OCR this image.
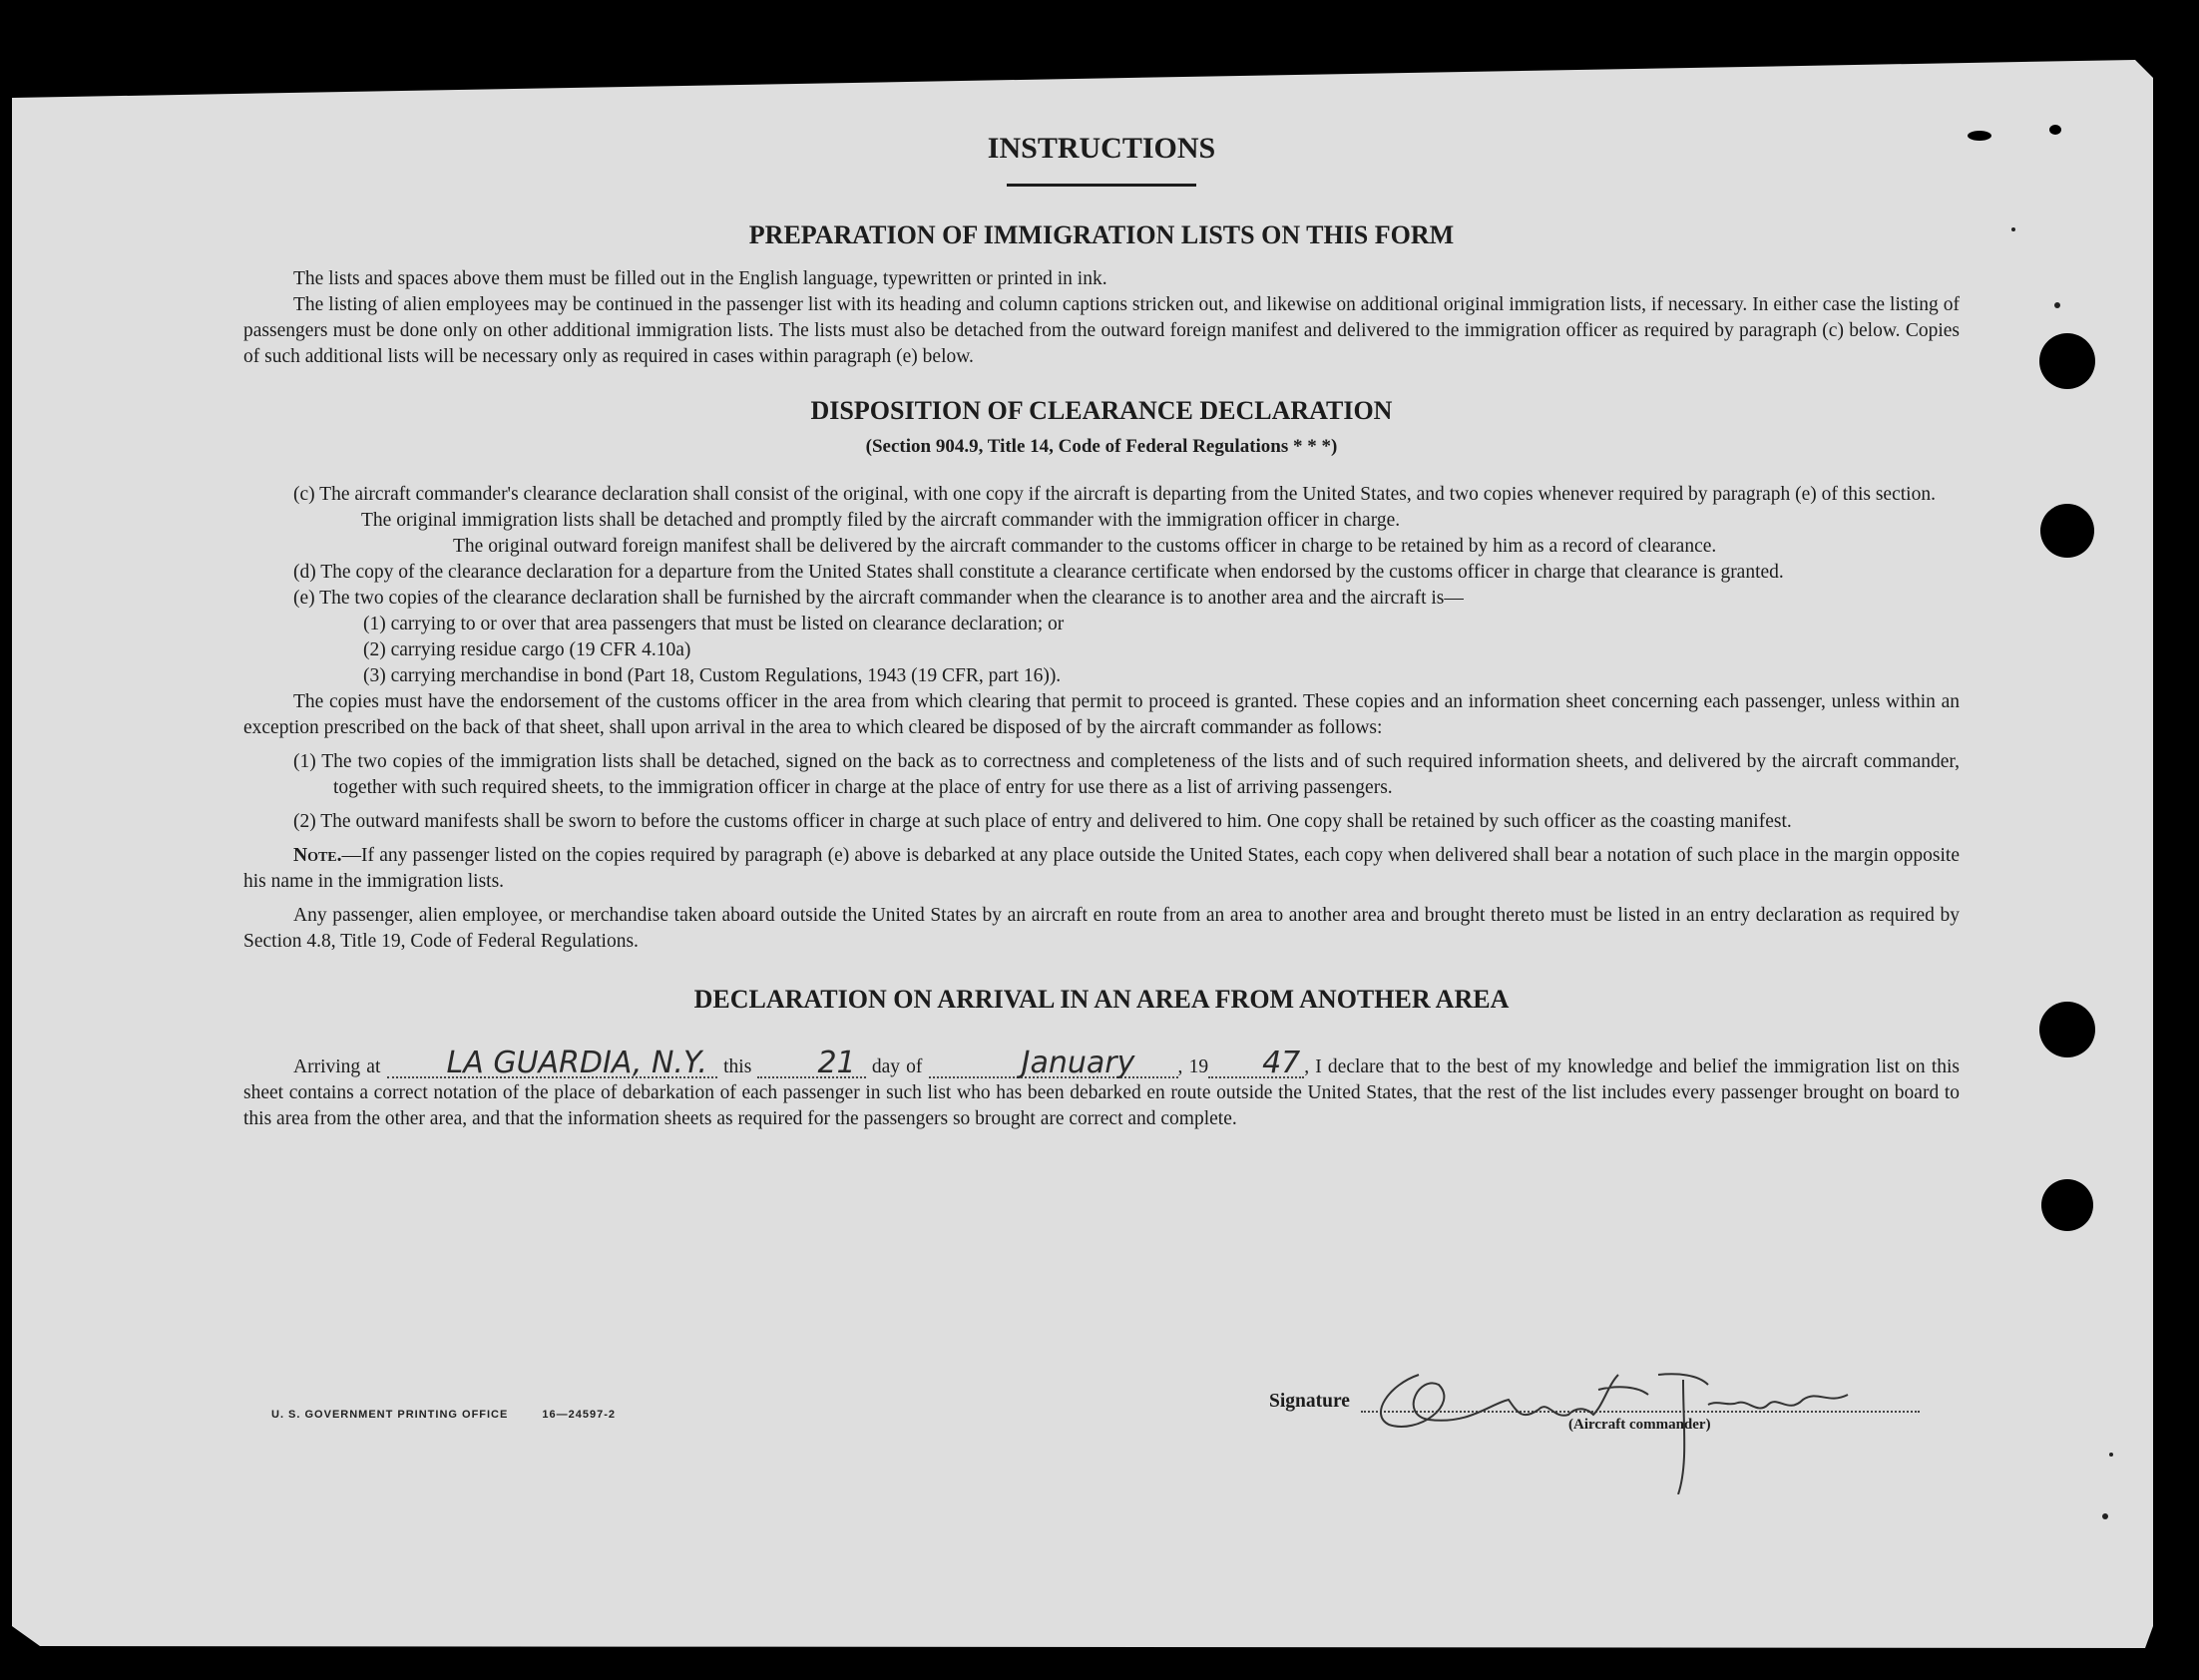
INSTRUCTIONS
PREPARATION OF IMMIGRATION LISTS ON THIS FORM

The lists and spaces above them must be filled out in the English language, typewritten or printed in ink.

The listing of alien employees may be continued in the passenger list with its heading and column captions stricken out, and likewise on additional original immigration lists, if necessary. In either case the listing of passengers must be done only on other additional immigration lists. The lists must also be detached from the outward foreign manifest and delivered to the immigration officer as required by paragraph (c) below. Copies of such additional lists will be necessary only as required in cases within paragraph (e) below.

DISPOSITION OF CLEARANCE DECLARATION
(Section 904.9, Title 14, Code of Federal Regulations * * *)

(c) The aircraft commander's clearance declaration shall consist of the original, with one copy if the aircraft is departing from the United States, and two copies whenever required by paragraph (e) of this section.

The original immigration lists shall be detached and promptly filed by the aircraft commander with the immigration officer in charge.

The original outward foreign manifest shall be delivered by the aircraft commander to the customs officer in charge to be retained by him as a record of clearance.

(d) The copy of the clearance declaration for a departure from the United States shall constitute a clearance certificate when endorsed by the customs officer in charge that clearance is granted.

(e) The two copies of the clearance declaration shall be furnished by the aircraft commander when the clearance is to another area and the aircraft is—

(1) carrying to or over that area passengers that must be listed on clearance declaration; or

(2) carrying residue cargo (19 CFR 4.10a)

(3) carrying merchandise in bond (Part 18, Custom Regulations, 1943 (19 CFR, part 16)).

The copies must have the endorsement of the customs officer in the area from which clearing that permit to proceed is granted. These copies and an information sheet concerning each passenger, unless within an exception prescribed on the back of that sheet, shall upon arrival in the area to which cleared be disposed of by the aircraft commander as follows:

(1) The two copies of the immigration lists shall be detached, signed on the back as to correctness and completeness of the lists and of such required information sheets, and delivered by the aircraft commander, together with such required sheets, to the immigration officer in charge at the place of entry for use there as a list of arriving passengers.

(2) The outward manifests shall be sworn to before the customs officer in charge at such place of entry and delivered to him. One copy shall be retained by such officer as the coasting manifest.

Note.—If any passenger listed on the copies required by paragraph (e) above is debarked at any place outside the United States, each copy when delivered shall bear a notation of such place in the margin opposite his name in the immigration lists.

Any passenger, alien employee, or merchandise taken aboard outside the United States by an aircraft en route from an area to another area and brought thereto must be listed in an entry declaration as required by Section 4.8, Title 19, Code of Federal Regulations.

DECLARATION ON ARRIVAL IN AN AREA FROM ANOTHER AREA

Arriving at LA GUARDIA, N.Y. this 21 day of	January , 19 47 , I declare that to the best of my knowledge and belief the immigration list on this sheet contains a correct notation of the place of debarkation of each passenger in such list who has been debarked en route outside the United States, that the rest of the list includes every passenger brought on board to this area from the other area, and that the information sheets as required for the passengers so brought are correct and complete.

Signature
(Aircraft commander)
U. S. GOVERNMENT PRINTING OFFICE	16—24597-2
